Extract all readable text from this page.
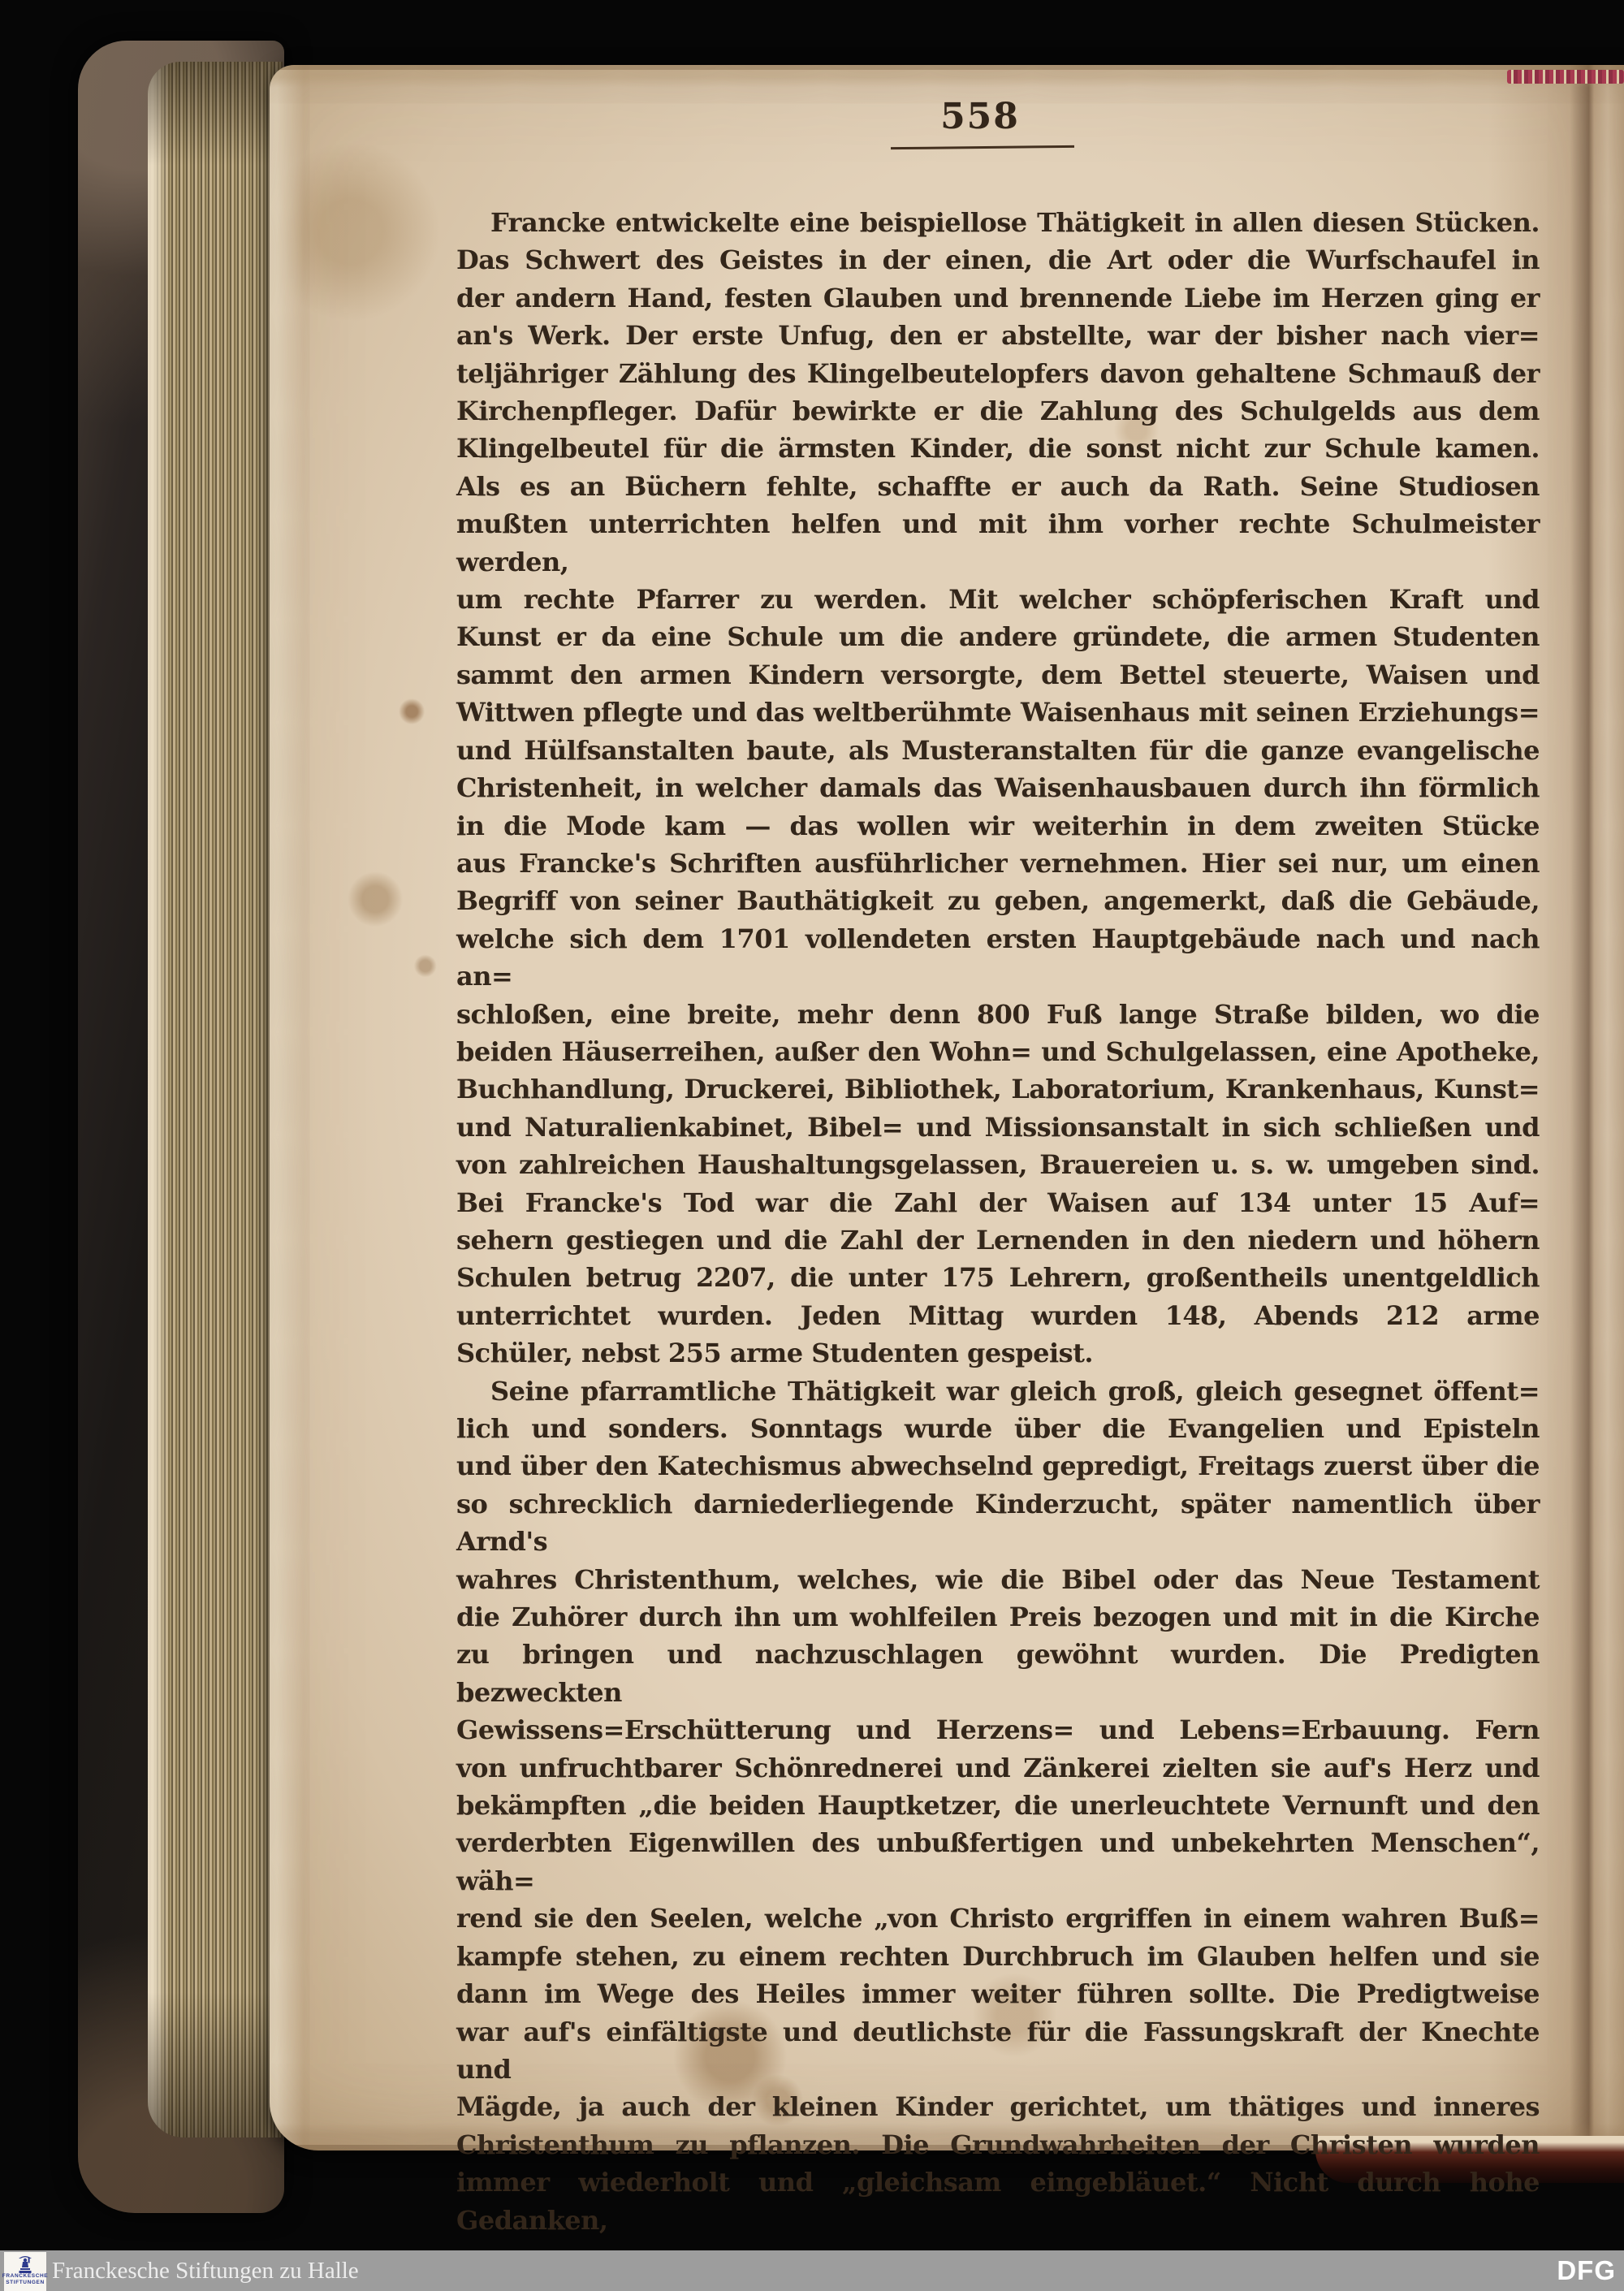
558
Francke entwickelte eine beispiellose Thätigkeit in allen diesen Stücken.
Das Schwert des Geistes in der einen, die Art oder die Wurfschaufel in
der andern Hand, festen Glauben und brennende Liebe im Herzen ging er
an's Werk. Der erste Unfug, den er abstellte, war der bisher nach vier=
teljähriger Zählung des Klingelbeutelopfers davon gehaltene Schmauß der
Kirchenpfleger. Dafür bewirkte er die Zahlung des Schulgelds aus dem
Klingelbeutel für die ärmsten Kinder, die sonst nicht zur Schule kamen.
Als es an Büchern fehlte, schaffte er auch da Rath. Seine Studiosen
mußten unterrichten helfen und mit ihm vorher rechte Schulmeister werden,
um rechte Pfarrer zu werden. Mit welcher schöpferischen Kraft und
Kunst er da eine Schule um die andere gründete, die armen Studenten
sammt den armen Kindern versorgte, dem Bettel steuerte, Waisen und
Wittwen pflegte und das weltberühmte Waisenhaus mit seinen Erziehungs=
und Hülfsanstalten baute, als Musteranstalten für die ganze evangelische
Christenheit, in welcher damals das Waisenhausbauen durch ihn förmlich
in die Mode kam — das wollen wir weiterhin in dem zweiten Stücke
aus Francke's Schriften ausführlicher vernehmen. Hier sei nur, um einen
Begriff von seiner Bauthätigkeit zu geben, angemerkt, daß die Gebäude,
welche sich dem 1701 vollendeten ersten Hauptgebäude nach und nach an=
schloßen, eine breite, mehr denn 800 Fuß lange Straße bilden, wo die
beiden Häuserreihen, außer den Wohn= und Schulgelassen, eine Apotheke,
Buchhandlung, Druckerei, Bibliothek, Laboratorium, Krankenhaus, Kunst=
und Naturalienkabinet, Bibel= und Missionsanstalt in sich schließen und
von zahlreichen Haushaltungsgelassen, Brauereien u. s. w. umgeben sind.
Bei Francke's Tod war die Zahl der Waisen auf 134 unter 15 Auf=
sehern gestiegen und die Zahl der Lernenden in den niedern und höhern
Schulen betrug 2207, die unter 175 Lehrern, großentheils unentgeldlich
unterrichtet wurden. Jeden Mittag wurden 148, Abends 212 arme
Schüler, nebst 255 arme Studenten gespeist.
Seine pfarramtliche Thätigkeit war gleich groß, gleich gesegnet öffent=
lich und sonders. Sonntags wurde über die Evangelien und Episteln
und über den Katechismus abwechselnd gepredigt, Freitags zuerst über die
so schrecklich darniederliegende Kinderzucht, später namentlich über Arnd's
wahres Christenthum, welches, wie die Bibel oder das Neue Testament
die Zuhörer durch ihn um wohlfeilen Preis bezogen und mit in die Kirche
zu bringen und nachzuschlagen gewöhnt wurden. Die Predigten bezweckten
Gewissens=Erschütterung und Herzens= und Lebens=Erbauung. Fern
von unfruchtbarer Schönrednerei und Zänkerei zielten sie auf's Herz und
bekämpften „die beiden Hauptketzer, die unerleuchtete Vernunft und den
verderbten Eigenwillen des unbußfertigen und unbekehrten Menschen“, wäh=
rend sie den Seelen, welche „von Christo ergriffen in einem wahren Buß=
kampfe stehen, zu einem rechten Durchbruch im Glauben helfen und sie
dann im Wege des Heiles immer weiter führen sollte. Die Predigtweise
war auf's einfältigste und deutlichste für die Fassungskraft der Knechte und
Mägde, ja auch der kleinen Kinder gerichtet, um thätiges und inneres
Christenthum zu pflanzen. Die Grundwahrheiten der Christen wurden
immer wiederholt und „gleichsam eingebläuet.“ Nicht durch hohe Gedanken,
FRANCKESCHE
STIFTUNGEN Franckesche Stiftungen zu Halle	DFG
